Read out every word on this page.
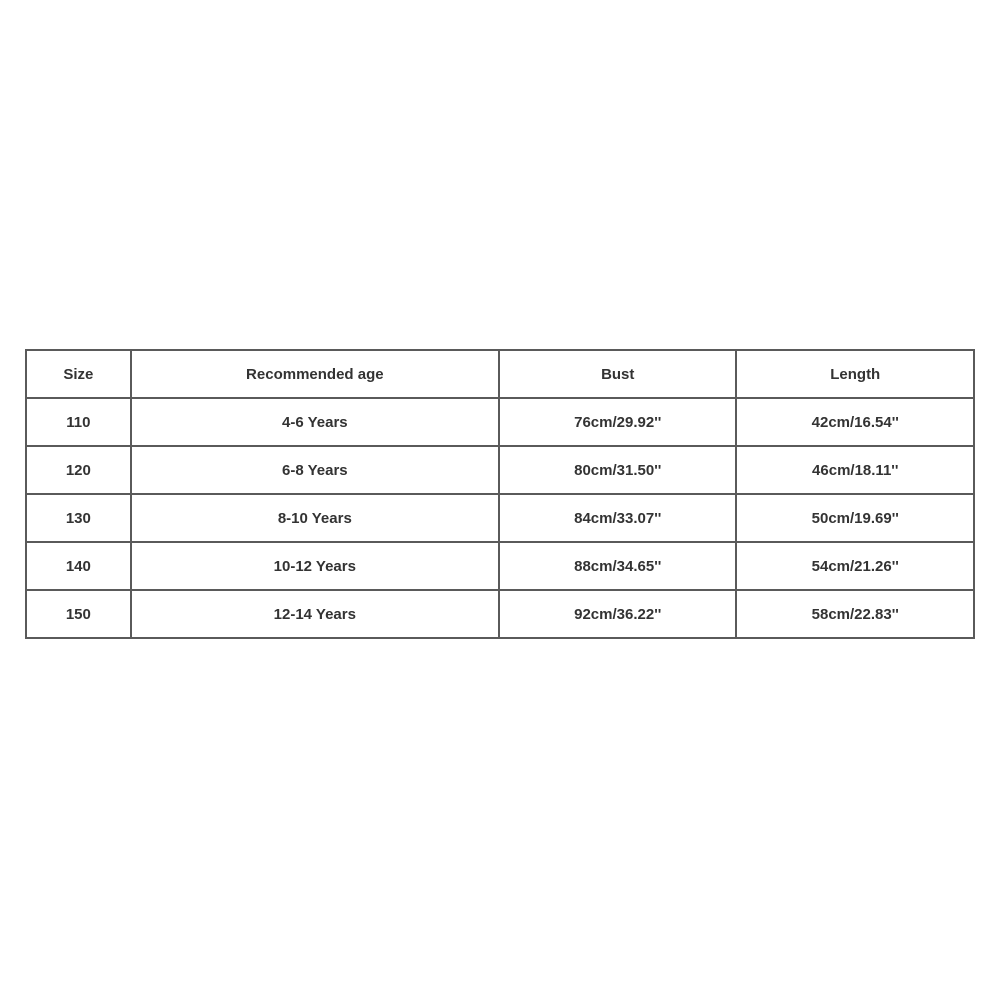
Size	Recommended age	Bust	Length
110	4-6 Years	76cm/29.92''	42cm/16.54''
120	6-8 Years	80cm/31.50''	46cm/18.11''
130	8-10 Years	84cm/33.07''	50cm/19.69''
140	10-12 Years	88cm/34.65''	54cm/21.26''
150	12-14 Years	92cm/36.22''	58cm/22.83''
